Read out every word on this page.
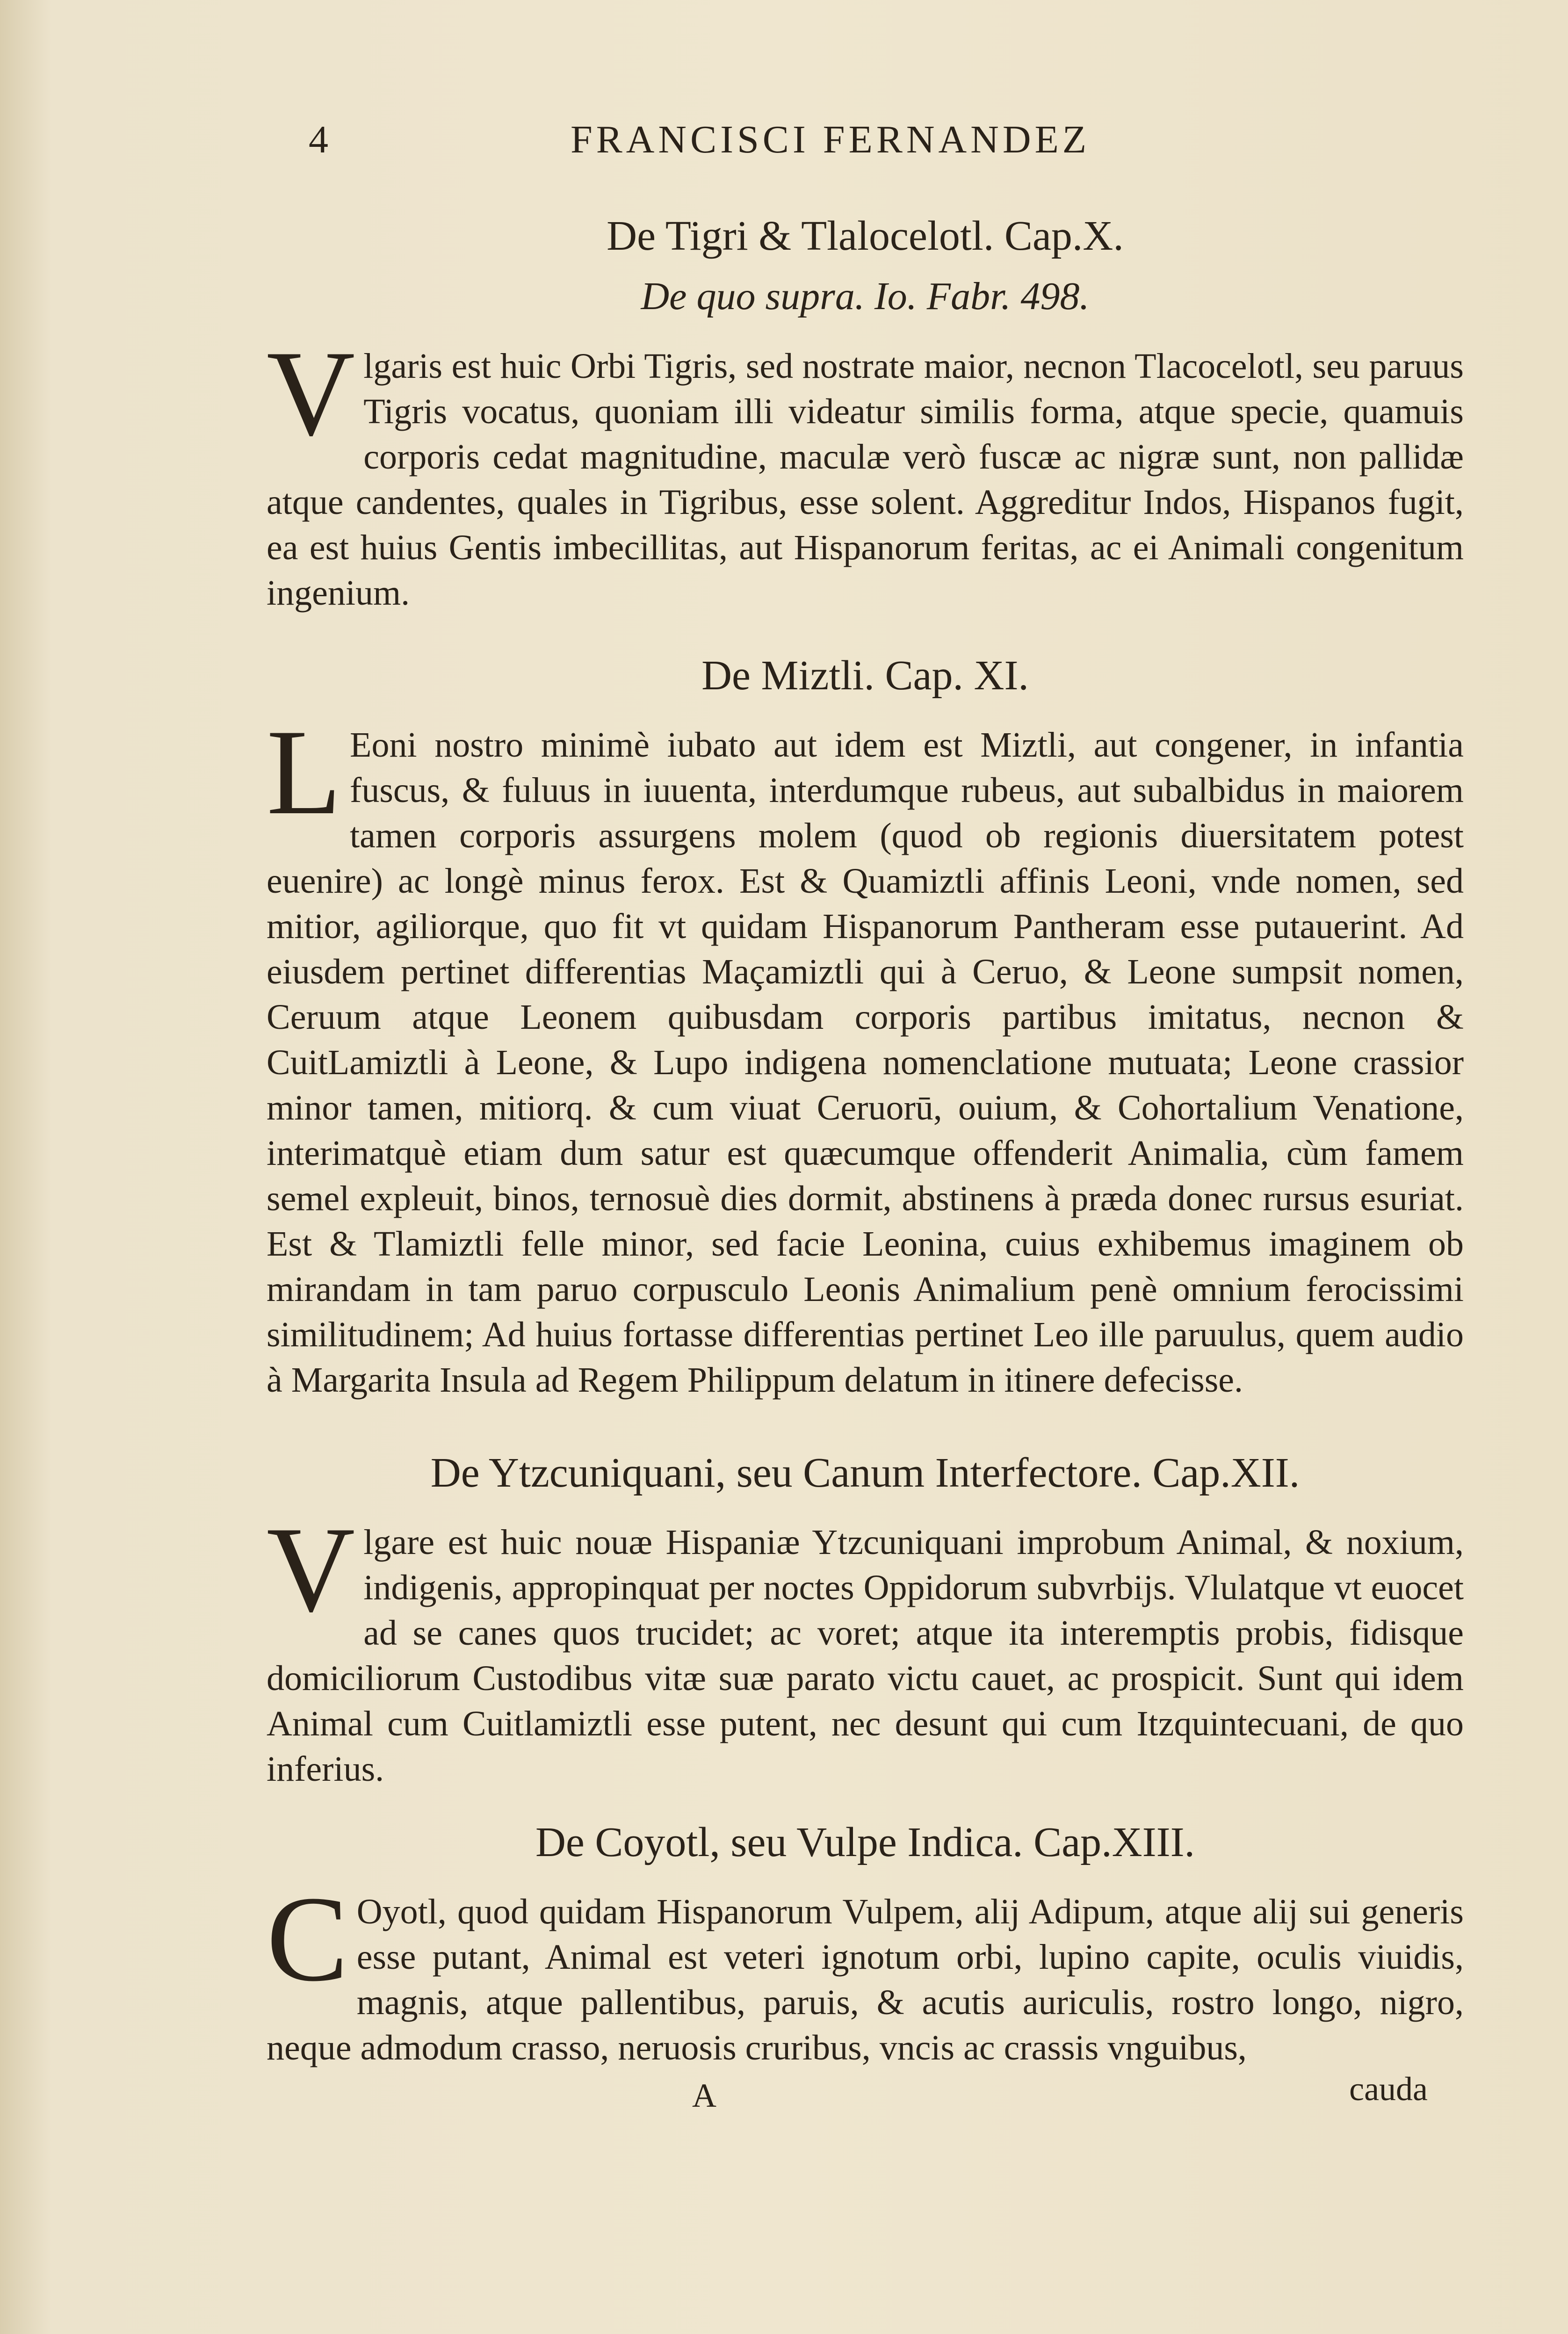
4	FRANCISCI FERNANDEZ
De Tigri & Tlalocelotl. Cap.X.
De quo supra. Io. Fabr. 498.
Vlgaris est huic Orbi Tigris, sed nostrate maior, necnon Tlacocelotl, seu paruus Tigris vocatus, quoniam illi videatur similis forma, atque specie, quamuis corporis cedat magnitudine, maculæ verò fuscæ ac nigræ sunt, non pallidæ atque candentes, quales in Tigribus, esse solent. Aggreditur Indos, Hispanos fugit, ea est huius Gentis imbecillitas, aut Hispanorum feritas, ac ei Animali congenitum ingenium.
De Miztli. Cap. XI.
L Eoni nostro minimè iubato aut idem est Miztli, aut congener, in infantia fuscus, & fuluus in iuuenta, interdumque rubeus, aut subalbidus in maiorem tamen corporis assurgens molem (quod ob regionis diuersitatem potest euenire) ac longè minus ferox. Est & Quamiztli affinis Leoni, vnde nomen, sed mitior, agiliorque, quo fit vt quidam Hispanorum Pantheram esse putauerint. Ad eiusdem pertinet differentias Maçamiztli qui à Ceruo, & Leone sumpsit nomen, Ceruum atque Leonem quibusdam corporis partibus imitatus, necnon & CuitLamiztli à Leone, & Lupo indigena nomenclatione mutuata; Leone crassior minor tamen, mitiorq. & cum viuat Ceruorū, ouium, & Cohortalium Venatione, interimatquè etiam dum satur est quæcumque offenderit Animalia, cùm famem semel expleuit, binos, ternosuè dies dormit, abstinens à præda donec rursus esuriat. Est & Tlamiztli felle minor, sed facie Leonina, cuius exhibemus imaginem ob mirandam in tam paruo corpusculo Leonis Animalium penè omnium ferocissimi similitudinem; Ad huius fortasse differentias pertinet Leo ille paruulus, quem audio à Margarita Insula ad Regem Philippum delatum in itinere defecisse.
De Ytzcuniquani, seu Canum Interfectore. Cap.XII.
Vlgare est huic nouæ Hispaniæ Ytzcuniquani improbum Animal, & noxium, indigenis, appropinquat per noctes Oppidorum subvrbijs. Vlulatque vt euocet ad se canes quos trucidet; ac voret; atque ita interemptis probis, fidisque domiciliorum Custodibus vitæ suæ parato victu cauet, ac prospicit. Sunt qui idem Animal cum Cuitlamiztli esse putent, nec desunt qui cum Itzquintecuani, de quo inferius.
De Coyotl, seu Vulpe Indica. Cap.XIII.
C Oyotl, quod quidam Hispanorum Vulpem, alij Adipum, atque alij sui generis esse putant, Animal est veteri ignotum orbi, lupino capite, oculis viuidis, magnis, atque pallentibus, paruis, & acutis auriculis, rostro longo, nigro, neque admodum crasso, neruosis cruribus, vncis ac crassis vnguibus,
A	cauda
